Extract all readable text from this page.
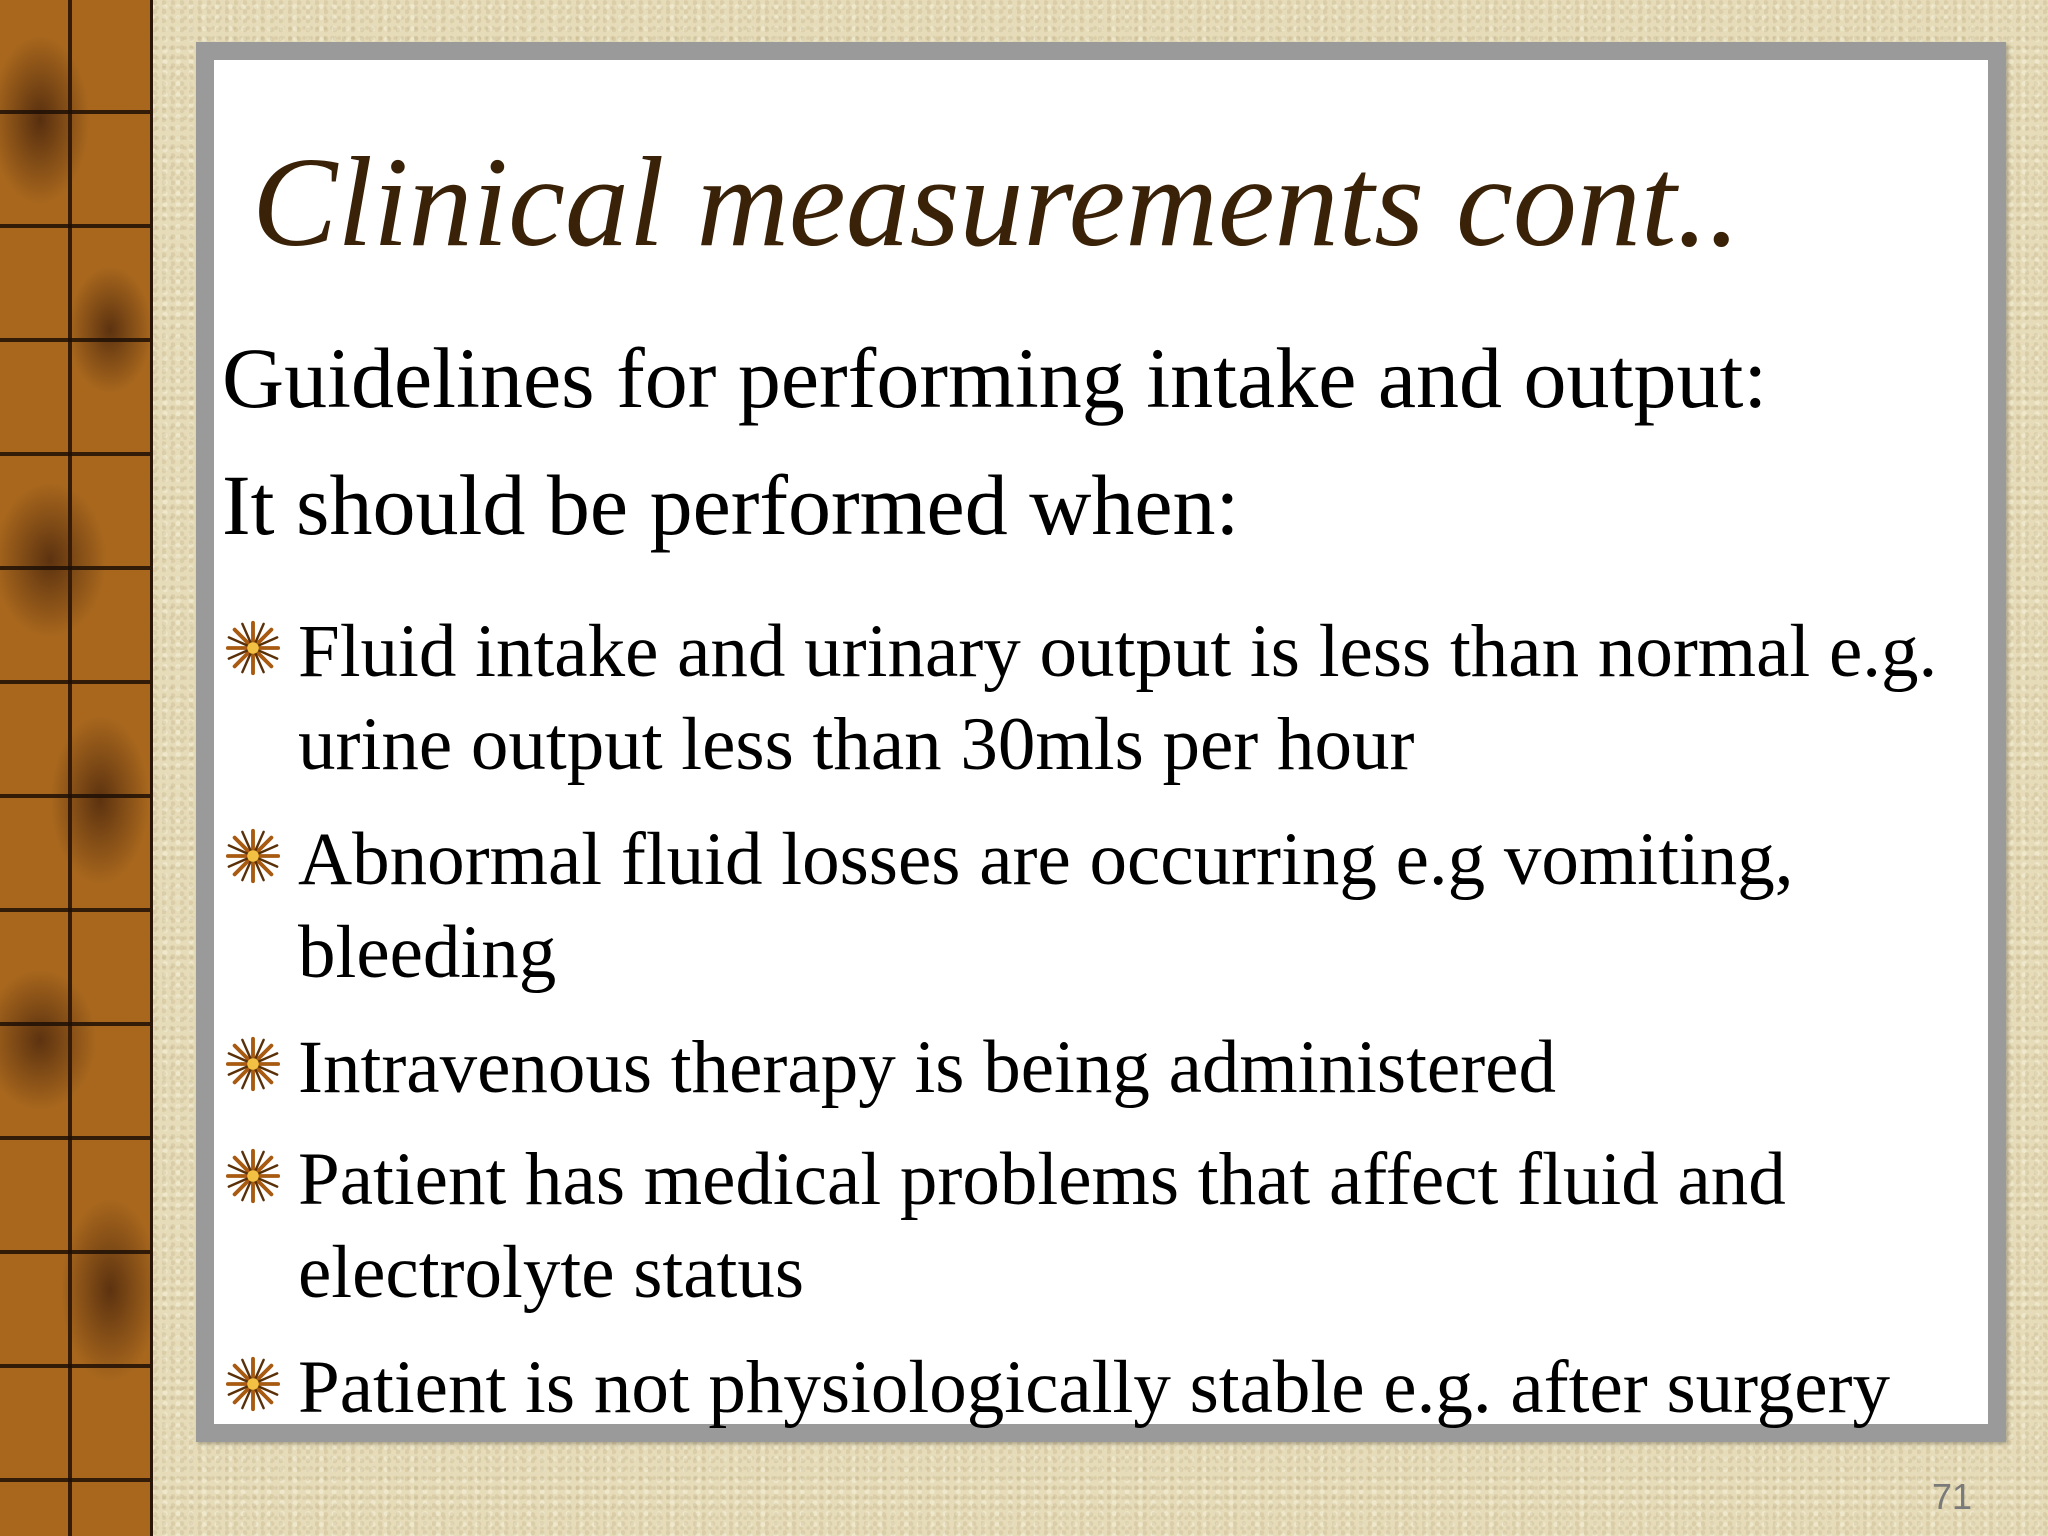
Clinical measurements cont..

Guidelines for performing intake and output:

It should be performed when:

Fluid intake and urinary output is less than normal e.g. urine output less than 30mls per hour
Abnormal fluid losses are occurring e.g vomiting, bleeding
Intravenous therapy is being administered
Patient has medical problems that affect fluid and electrolyte status
Patient is not physiologically stable e.g. after surgery
71
